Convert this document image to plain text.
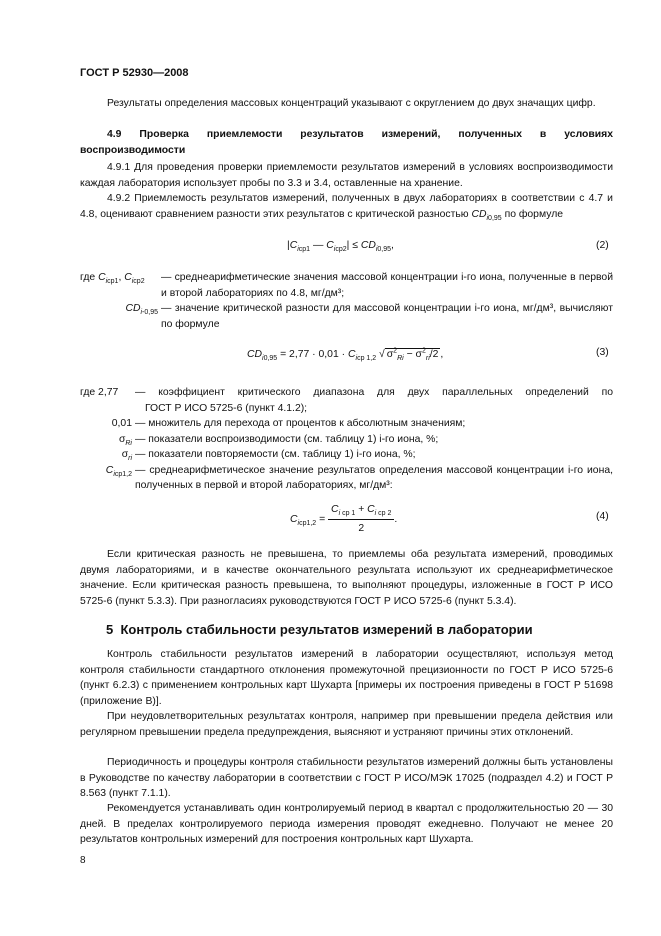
ГОСТ Р 52930—2008
Результаты определения массовых концентраций указывают с округлением до двух значащих цифр.
4.9 Проверка приемлемости результатов измерений, полученных в условиях воспроизводимости
4.9.1 Для проведения проверки приемлемости результатов измерений в условиях воспроизводимости каждая лаборатория использует пробы по 3.3 и 3.4, оставленные на хранение.
4.9.2 Приемлемость результатов измерений, полученных в двух лабораториях в соответствии с 4.7 и 4.8, оценивают сравнением разности этих результатов с критической разностью $CD_{i0,95}$ по формуле
$|C_{iср1}$ — $C_{iср2}| \le CD_{i0,95}$,	(2)
где $C_{iср1}$, $C_{iср2}$	— среднеарифметические значения массовой концентрации i-го иона, полученные в первой и второй лабораториях по 4.8, мг/дм³;
$CD_{i-0,95}$ — значение критической разности для массовой концентрации i-го иона, мг/дм³, вычисляют по формуле
$CD_{i0,95} = 2,77 \cdot 0,01 \cdot C_{iср 1,2}$ √ $\sigma^2_{Ri} - \sigma^2_{ri}/2$ ,	(3)
где 2,77	— коэффициент критического диапазона для двух параллельных определений по
ГОСТ Р ИСО 5725-6 (пункт 4.1.2);
0,01 — множитель для перехода от процентов к абсолютным значениям;
$\sigma_{Ri}$ — показатели воспроизводимости (см. таблицу 1) i-го иона, %;
$\sigma_{ri}$ — показатели повторяемости (см. таблицу 1) i-го иона, %;
$C_{iср1,2}$ — среднеарифметическое значение результатов определения массовой концентрации i-го иона, полученных в первой и второй лабораториях, мг/дм³:
$C_{iср1,2} = \frac{C_{i ср 1} + C_{i ср 2}}{2}$ .	(4)
Если критическая разность не превышена, то приемлемы оба результата измерений, проводимых двумя лабораториями, и в качестве окончательного результата используют их среднеарифметическое значение. Если критическая разность превышена, то выполняют процедуры, изложенные в ГОСТ Р ИСО 5725-6 (пункт 5.3.3). При разногласиях руководствуются ГОСТ Р ИСО 5725-6 (пункт 5.3.4).
5 Контроль стабильности результатов измерений в лаборатории
Контроль стабильности результатов измерений в лаборатории осуществляют, используя метод контроля стабильности стандартного отклонения промежуточной прецизионности по ГОСТ Р ИСО 5725-6 (пункт 6.2.3) с применением контрольных карт Шухарта [примеры их построения приведены в ГОСТ Р 51698 (приложение В)].
При неудовлетворительных результатах контроля, например при превышении предела действия или регулярном превышении предела предупреждения, выясняют и устраняют причины этих отклонений.
Периодичность и процедуры контроля стабильности результатов измерений должны быть установлены в Руководстве по качеству лаборатории в соответствии с ГОСТ Р ИСО/МЭК 17025 (подраздел 4.2) и ГОСТ Р 8.563 (пункт 7.1.1).
Рекомендуется устанавливать один контролируемый период в квартал с продолжительностью 20 — 30 дней. В пределах контролируемого периода измерения проводят ежедневно. Получают не менее 20 результатов контрольных измерений для построения контрольных карт Шухарта.
8
